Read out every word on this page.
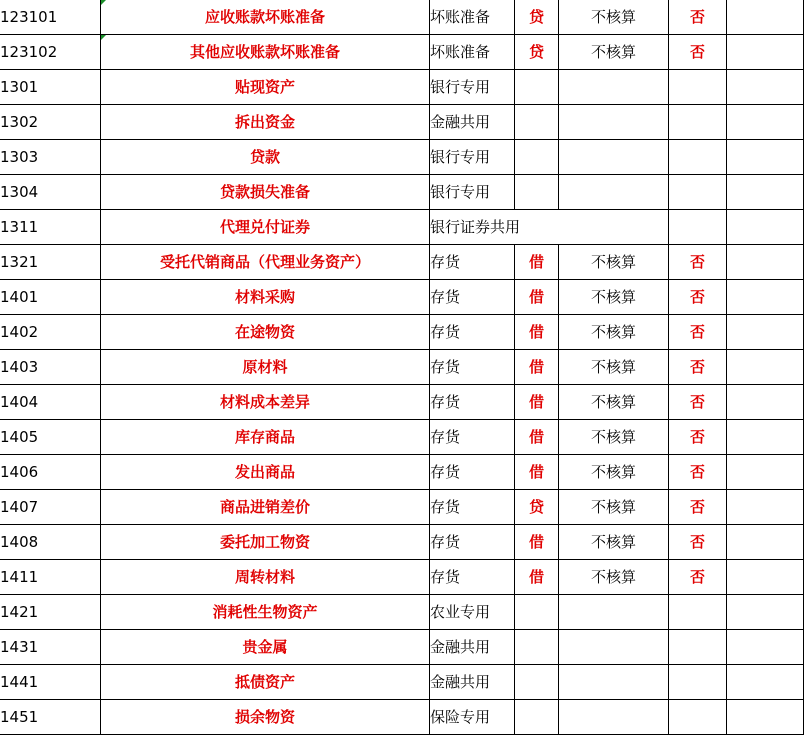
123101	应收账款坏账准备	坏账准备	贷	不核算	否	
123102	其他应收账款坏账准备	坏账准备	贷	不核算	否	
1301	贴现资产	银行专用				
1302	拆出资金	金融共用				
1303	贷款	银行专用				
1304	贷款损失准备	银行专用				
1311	代理兑付证券	银行证券共用				
1321	受托代销商品（代理业务资产）	存货	借	不核算	否	
1401	材料采购	存货	借	不核算	否	
1402	在途物资	存货	借	不核算	否	
1403	原材料	存货	借	不核算	否	
1404	材料成本差异	存货	借	不核算	否	
1405	库存商品	存货	借	不核算	否	
1406	发出商品	存货	借	不核算	否	
1407	商品进销差价	存货	贷	不核算	否	
1408	委托加工物资	存货	借	不核算	否	
1411	周转材料	存货	借	不核算	否	
1421	消耗性生物资产	农业专用				
1431	贵金属	金融共用				
1441	抵债资产	金融共用				
1451	损余物资	保险专用				
